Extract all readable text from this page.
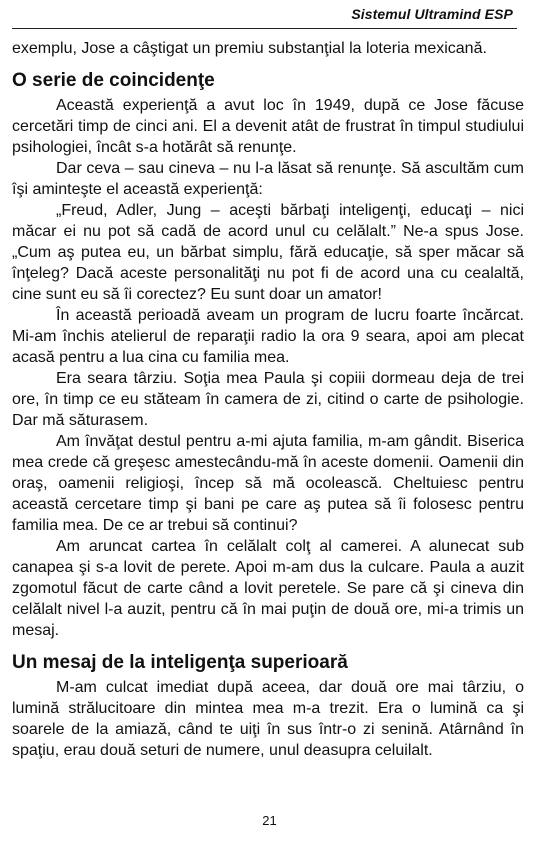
Sistemul Ultramind ESP

exemplu, Jose a câştigat un premiu substanţial la loteria mexicană.

O serie de coincidenţe

Această experienţă a avut loc în 1949, după ce Jose făcuse cercetări timp de cinci ani. El a devenit atât de frustrat în timpul studiului psihologiei, încât s-a hotărât să renunţe.

Dar ceva – sau cineva – nu l-a lăsat să renunţe. Să ascultăm cum îşi aminteşte el această experienţă:

„Freud, Adler, Jung – aceşti bărbaţi inteligenţi, educaţi – nici măcar ei nu pot să cadă de acord unul cu celălalt.” Ne-a spus Jose. „Cum aş putea eu, un bărbat simplu, fără educaţie, să sper măcar să înţeleg? Dacă aceste personalităţi nu pot fi de acord una cu cealaltă, cine sunt eu să îi corectez? Eu sunt doar un amator!

În această perioadă aveam un program de lucru foarte încărcat. Mi-am închis atelierul de reparaţii radio la ora 9 seara, apoi am plecat acasă pentru a lua cina cu familia mea.

Era seara târziu. Soţia mea Paula şi copiii dormeau deja de trei ore, în timp ce eu stăteam în camera de zi, citind o carte de psihologie. Dar mă săturasem.

Am învăţat destul pentru a-mi ajuta familia, m-am gândit. Biserica mea crede că greşesc amestecându-mă în aceste domenii. Oamenii din oraş, oamenii religioşi, încep să mă ocolească. Cheltuiesc pentru această cercetare timp şi bani pe care aş putea să îi folosesc pentru familia mea. De ce ar trebui să continui?

Am aruncat cartea în celălalt colţ al camerei. A alunecat sub canapea şi s-a lovit de perete. Apoi m-am dus la culcare. Paula a auzit zgomotul făcut de carte când a lovit peretele. Se pare că şi cineva din celălalt nivel l-a auzit, pentru că în mai puţin de două ore, mi-a trimis un mesaj.

Un mesaj de la inteligenţa superioară

M-am culcat imediat după aceea, dar două ore mai târziu, o lumină strălucitoare din mintea mea m-a trezit. Era o lumină ca şi soarele de la amiază, când te uiţi în sus într-o zi senină. Atârnând în spaţiu, erau două seturi de numere, unul deasupra celuilalt.

21
